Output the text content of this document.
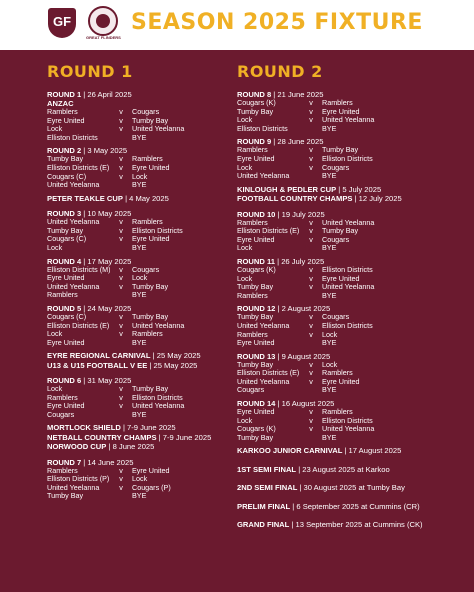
GF
GREAT FLINDERS
SEASON 2025 FIXTURE
ROUND 1
ROUND 1 | 26 April 2025
ANZAC
Ramblers	v	Cougars
Eyre United	v	Tumby Bay
Lock	v	United Yeelanna
Elliston Districts	BYE
ROUND 2 | 3 May 2025
Tumby Bay	v	Ramblers
Elliston Districts (E)	v	Eyre United
Cougars (C)	v	Lock
United Yeelanna	BYE
PETER TEAKLE CUP | 4 May 2025
ROUND 3 | 10 May 2025
United Yeelanna	v	Ramblers
Tumby Bay	v	Elliston Districts
Cougars (C)	v	Eyre United
Lock	BYE
ROUND 4 | 17 May 2025
Elliston Districts (M)	v	Cougars
Eyre United	v	Lock
United Yeelanna	v	Tumby Bay
Ramblers	BYE
ROUND 5 | 24 May 2025
Cougars (C)	v	Tumby Bay
Elliston Districts (E)	v	United Yeelanna
Lock	v	Ramblers
Eyre United	BYE
EYRE REGIONAL CARNIVAL | 25 May 2025
U13 & U15 FOOTBALL V EE | 25 May 2025
ROUND 6 | 31 May 2025
Lock	v	Tumby Bay
Ramblers	v	Elliston Districts
Eyre United	v	United Yeelanna
Cougars	BYE
MORTLOCK SHIELD | 7-9 June 2025
NETBALL COUNTRY CHAMPS | 7-9 June 2025
NORWOOD CUP | 8 June 2025
ROUND 7 | 14 June 2025
Ramblers	v	Eyre United
Elliston Districts (P)	v	Lock
United Yeelanna	v	Cougars (P)
Tumby Bay	BYE
ROUND 2
ROUND 8 | 21 June 2025
Cougars (K)	v	Ramblers
Tumby Bay	v	Eyre United
Lock	v	United Yeelanna
Elliston Districts	BYE
ROUND 9 | 28 June 2025
Ramblers	v	Tumby Bay
Eyre United	v	Elliston Districts
Lock	v	Cougars
United Yeelanna	BYE
KINLOUGH & PEDLER CUP | 5 July 2025
FOOTBALL COUNTRY CHAMPS | 12 July 2025
ROUND 10 | 19 July 2025
Ramblers	v	United Yeelanna
Elliston Districts (E)	v	Tumby Bay
Eyre United	v	Cougars
Lock	BYE
ROUND 11 | 26 July 2025
Cougars (K)	v	Elliston Districts
Lock	v	Eyre United
Tumby Bay	v	United Yeelanna
Ramblers	BYE
ROUND 12 | 2 August 2025
Tumby Bay	v	Cougars
United Yeelanna	v	Elliston Districts
Ramblers	v	Lock
Eyre United	BYE
ROUND 13 | 9 August 2025
Tumby Bay	v	Lock
Elliston Districts (E)	v	Ramblers
United Yeelanna	v	Eyre United
Cougars	BYE
ROUND 14 | 16 August 2025
Eyre United	v	Ramblers
Lock	v	Elliston Districts
Cougars (K)	v	United Yeelanna
Tumby Bay	BYE
KARKOO JUNIOR CARNIVAL | 17 August 2025
1ST SEMI FINAL | 23 August 2025 at Karkoo
2ND SEMI FINAL | 30 August 2025 at Tumby Bay
PRELIM FINAL | 6 September 2025 at Cummins (CR)
GRAND FINAL | 13 September 2025 at Cummins (CK)
